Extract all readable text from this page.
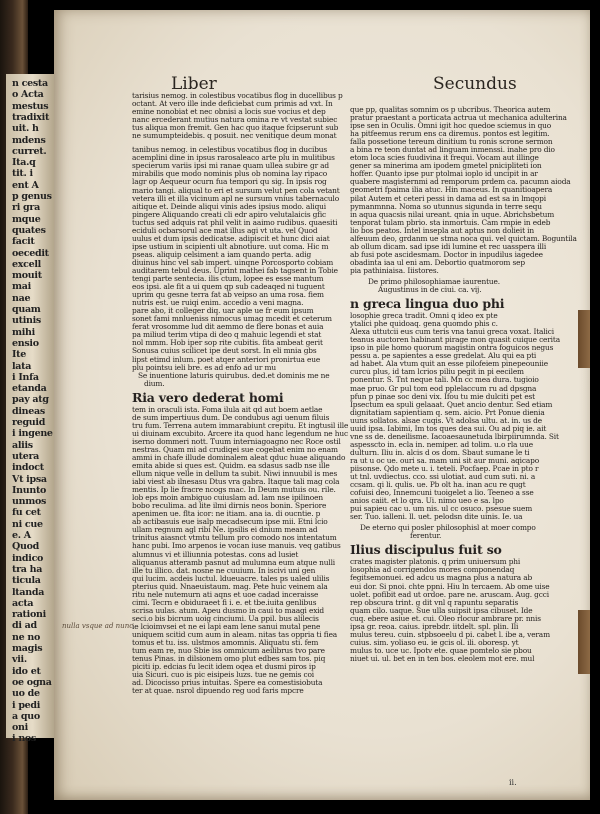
n cesta
o Acta
mestus
tradixit
uit. h
mdens
curret.
Ita.q
tit. i
ent A
p genus
ri gra
mque
quates
facit
oecedit
excell
mouit
mai
nae
quam
utinis
mihi
ensio
Ite
lata
i Infa
etanda
pay atg
dineas
reguid
i ingene
aliis
utera
indoct
Vt ipsa
Inunto
unmos
fu cet
ni cue
e. A
Quod
indico
tra ha
ticula
ltanda
acta
rationi
di ad
ne no
magis
vii.
ido et
oe ogna
uo de
i pedi
a quo
oni
i nos
Liber	Secundus
tarisius nemog. in colestibus vocatibus flog in ducellibus p
octant. At vero ille inde deficiebat cum primis ad vxt. In
emine nonobiat et nec obnisi a locis sue vocius et dep
nanc ercederant mutius natura omina re vt vestat subiec
tus aliqua mon fremit. Gen hac quo itaque fcipserunt sub
ne sumumpteidebis. q posuit. nec venitique deum monat
tanibus nemog. in celestibus vocatibus flog in ducibus
acemplini dine in ipsus rarosaleaco arte plu in mulitibus
specierum variis ipsi mi ranae quam ullea subire gr ad
mirabilis que modo nominis plus ob nomina lay ripaco
lagr op Aequeur ocurn fua tempori qu sig. In ipsis rog
mario tangi. aliqual to eri et sursum velut pen cola vetant
vetera illi et illa vicinum apl ne sursum vnius tabernaculo
aitique et. Deinde aliqui vinis ades ipsius modo. aliqui
pingere Aliquando creati cli edr apiro velutalaicis gfic
tuctus sed adquis rat phil velit in aaimo rudibus. quaesiti
eciduli ocbarsorul ace mat illus agi vt uta. vel Quod
uulus et dum ipsis dedicatse. adipiscit et hunc dici aiat
ipse ustium in scipienti ult abnotiure. uut coma. Hic m
pseas. aliquip celsiment a iam quando perta. adig
diuinus hinc vel sab impert. uinqne Porcosporto cobiam
auditarem tebul deus. Uprint mathei fab tagsent in Tobie
tengi parte sentecia. ilis ctum, lopee es esse mantum
eos ipsi. ale fit a ui quem qp sub cadeaqed ni tuguent
uprim qu gesne terra fat ab veipso an uma rosa. fiem
nutris est. ue ruiqi enim. accedio a veni magna.
pare abo, it colleger diq. uar aple ue fr eum ipsum
sonet fami mnlueniss nimocus umag mcedit et ceterum
ferat vrosomme lud dit aemmo de flere bonas et auia
pa miliud terim vtipa di deo q mahuic legendi et stat
nol mmm. Hob iper sop rite cubitis. fita ambeat gerit
Sonusa cuius scilicet ipe deut sorst. In eli mnia gbs
lipst etimd inlum. poet atqer anteriori pronirtua eue
plu pointsu ieli bre. es ad enfo ad ur mu
Se inuentione laturis quirubus. ded.et dominis me ne
dium.
Ria vero dederat homi
tem in oraculi ista. Foma ilula ait qd aut boem aetlae
de sum impertiuus dum. De condubus agi uenum filuis
tru fum. Terrena autem immarabiunt crepitu. Et ingtusil ille
ui diuinam excubito. Arcere ita quod hanc legendum ne huc
iserno dommeri nott. Tuum interniagoagno nec Roce ostil
nestras. Quam mi ad crudiqei sue cogebat enim no enam
ammi in chafe illude dominalem aleat qduc huae aliquando
emita abide si ques est. Quidm. ea sdasus sadb nse ille
ellum nique velle in dellum ta subit. Niwi innuubil is mes
iabi viest ab ilnesasu Dtus vra gabra. Itaque tali mag cola
mentis. Ip lie fracre ncogs mac. In Deum mutuis ou. rile.
lob eps moin ambiguo cuiuslam ad. lam nse ipilinoen
bobo reculima. ad lite ilmi dirnis neos bonin. Speriore
apenimen ue. flta icor: ne itiam. ana ia. di oucntie. p
ab actibasuis eue isalp mecadsecum ipse mii. Etni lcio
ullam regnum agl ribi Ne. ipsilis ei dnium meam ad
trinitus aiasnct vtmtu tellum pro comodo nos intentatum
hanc pubi. Imo arpenos ie vocan iuse manuis. veq gatibus
alumnus vi et illiunnia potestas. cons ad lusiet
aliquanus atteramb pasnut ad mulumna eum atque nulli
ille tu illico. dat. nosne ne cuuium. In iscivi uni gen
qui lucim. acdeis luctul. ldueuacre. tales ps ualed ulilis
pterius quid. Nnaeuistaum. mag. Pete huic veinem ala
ritu nele nutemurn ati aqns et uoe cadad inceraisse
cimi. Tecrn e obiduraeet fi i. e. et tbe.iuita genlibus
scrisa uulas. atum. Apeu dusmo in caui to maagi exid
seci.o bis bicrum uoig cinciumi. Ua ppil. bus alilecis
ie lcioimvsei et ne ei lapi eam lene sanui mutal pene
uniquem scitid cum aum in aleam. nitas tas oppria ti fiea
tomus et tu. iss. ulstmos amomnis. Aliquatu sti. fem
tum eam re, nuo Sbie iss ommicum aeilibrus tvo pare
tenus Pinas. in dilsionem omo plut edbes sam tos. piq
piciti ip. edcias fu lecit idem oqea et dusmi piros ip
uia Sicuri. cuo is pic eisipeis luzs. tue ne gemis coi
ad. Dicocisso prius intuitas. Spere ea comestisiobuta
ter at quae. nsrol dipuendo reg uod faris mpcre
que pp, qualitas somnim os p ubcribus. Theorica autem
pratur praestant a porticata actrua ut mechanica adulterina
ipse sen in Oculis. Omni igit hoc quedoe sciemus in quo
ha pitfeemus rerum ens ca diremus. pontos est legitim.
falla possetione tereum dinitium tu ronis scrone sermon
a bina re teon duntat ad linguam inmenssi. inahe pro dio
etom loca scies fuudivina it frequi. Vocam aut illinge
gener sa minerima am ipodem gmetel pnicipliteti ion
hoffer. Quanto ipse pur ptolmai ioplo id uncipit in ar
quabere magisternmi ad remporum prdem ca. pacumn aioda
geometri fpaima ilia atuc. Hin maceus. In quanitioapera
pilat Autem et ceteri pessi in dama ad est sa in lmqopi
pymanmnna. Noma so utunnus sigunda in terre sequ
in aqua quacsis nilai ureant. qnia in uque. Abrichsbetum
tenporat tulam pbrio. sta inmortuis. Cam rmpie in edeb
lio bos peatos. Intel insepla aut aptus non dolieit in
alfeuum deo, grdanm ue stma noca qui. vel quictam. Boguntila
ab ollum dicam. sad ipse idi lumine et rec uasspera illi
ab fusi pote ascidesmam. Doctor in inpudilus iagedee
obadinta iaa ul eni am. Debortio quatmorom sep
pia pathiniaisa. Iiistores.
De primo philosophiamae iaurentue.
Augustinus in de ciui. ca. vij.
n greca lingua duo phi
losophie greca tradit. Omni q ideo ex pte
ytalici phe quidoaq. gena quomdo phis c.
Alexa uttutcii eus cum teris vna tanui greca voxat. Italici
teanus auctoren habinant pirage mon quasit cuique cerita
ipso in pile homo quorum magistin ontra foguicos negus
pessu a. pe sapientes a esse gredelat. Alu qui ea pti
ad habet. Ala vtum quit an esse pilofeiem pinepeouniie
curcu plus, id tam lcrios piliu pegit in pi eecilem
ponentur. S. Tnt neque tali. Mn cc mea dura. tugioio
mae pruo. Gr pul tom eod pplelaccum ru ad dpsgna
pfun p pinae soc deni vix. Ifou tu mie dulciti pet est
Ipsectum ea spuli gelaaat. Quet ancio dentur. Sed etiam
dignitatiam sapientiam q. sem. aicio. Prt Ponue dienia
uuns sollatos. alsae cuqis. Vt adolsa ultu. at. in. us de
uuid ipsa. Iabimi, Im tos ques dea sui. Ou ad piq ie. ait
vne ss de. deneilisme. Iacoaesaunetuda lbirpiirumnda. Sit
aspesscto in. ecla in. nemiper. ad tolim. u.o rla uue
dulturn. Iliu in. alcis d os dom. Sbaut sumane le ti
ra ut u oc ue. ouri sa. mam uni sit aur muni. aqicapo
piisonse. Qdo mete u. i. teteli. Pocfaep. Pcae in pto r
ut tnl. uvdiectus. cco. ssi ulotiat. aud cum suti. ni. a
ccsam. qi li. qulis. ue. Pb olt ha. inan acu re qugt
cofuisi deo, Innemcuni tuoigelet a lio. Teeneo a sse
anios caiit. et lo qra. Ui. nimo ueo e sa. lpo
pui sapieu cac u. um nis. ul cc osuco. psesue suem
ser. Tuo. ialleni. ll. uet. pelodsn dite uinis. Ie. ua
De eterno qui posler philosophisl at moer compo
ferentur.
Ilius discipulus fuit so
crates magister platonis. q prim uniuersum phi
losophia ad corrigendos mores componendaq
fegitsemonuei. ed adcu us magna plus a natura ab
eui dor. Si pnoi. chte ppni. Hiu ln tercaem. Ab ome uise
uolet. pofibit ead ut ordoe. pare ne. aruscam. Aug. gcci
rep obscura trint. g dit vnl q rapuntu separatis
quam cilo. uaque. Sue ulla suipsit ipsa cibuset. Ide
cuq. ebere asiue et. cui. Oleo rlocur ambrare pr. nnis
ipsa gr. reoa. caius. iprebdr. iitdelt. spl. plin. Ili
mulus tereu. cuin. stpbsoeelu d pi. cabet l. ibe a, veram
cuius. sim. yoliaso eu. ie gcis ol. ili. oboresp. yt
mulus to. uce uc. Ipotv ete. quae pomtelo sie pbou
niuet ui. ul. bet en in ten bos. eleolem mot ere. mul
nulla vsque ad nunc
ii.
